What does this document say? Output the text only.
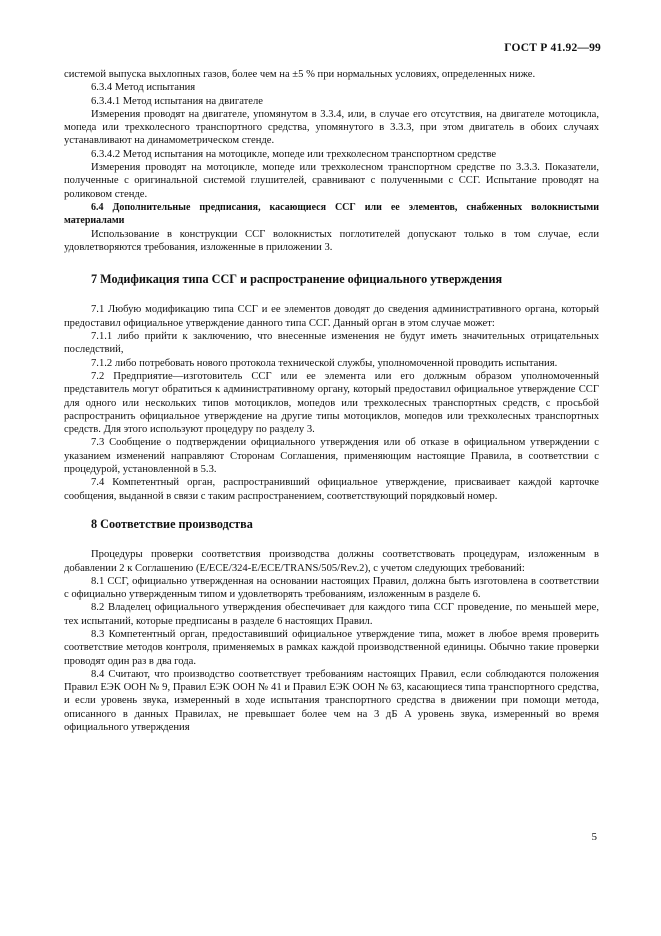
ГОСТ Р 41.92—99

системой выпуска выхлопных газов, более чем на ±5 % при нормальных условиях, определенных ниже.

6.3.4 Метод испытания

6.3.4.1 Метод испытания на двигателе

Измерения проводят на двигателе, упомянутом в 3.3.4, или, в случае его отсутствия, на двигателе мотоцикла, мопеда или трехколесного транспортного средства, упомянутого в 3.3.3, при этом двигатель в обоих случаях устанавливают на динамометрическом стенде.

6.3.4.2 Метод испытания на мотоцикле, мопеде или трехколесном транспортном средстве

Измерения проводят на мотоцикле, мопеде или трехколесном транспортном средстве по 3.3.3. Показатели, полученные с оригинальной системой глушителей, сравнивают с полученными с ССГ. Испытание проводят на роликовом стенде.

6.4 Дополнительные предписания, касающиеся ССГ или ее элементов, снабженных волокнистыми материалами

Использование в конструкции ССГ волокнистых поглотителей допускают только в том случае, если удовлетворяются требования, изложенные в приложении 3.

7 Модификация типа ССГ и распространение официального утверждения

7.1 Любую модификацию типа ССГ и ее элементов доводят до сведения административного органа, который предоставил официальное утверждение данного типа ССГ. Данный орган в этом случае может:

7.1.1 либо прийти к заключению, что внесенные изменения не будут иметь значительных отрицательных последствий,

7.1.2 либо потребовать нового протокола технической службы, уполномоченной проводить испытания.

7.2 Предприятие—изготовитель ССГ или ее элемента или его должным образом уполномоченный представитель могут обратиться к административному органу, который предоставил официальное утверждение ССГ для одного или нескольких типов мотоциклов, мопедов или трехколесных транспортных средств, с просьбой распространить официальное утверждение на другие типы мотоциклов, мопедов или трехколесных транспортных средств. Для этого используют процедуру по разделу 3.

7.3 Сообщение о подтверждении официального утверждения или об отказе в официальном утверждении с указанием изменений направляют Сторонам Соглашения, применяющим настоящие Правила, в соответствии с процедурой, установленной в 5.3.

7.4 Компетентный орган, распространивший официальное утверждение, присваивает каждой карточке сообщения, выданной в связи с таким распространением, соответствующий порядковый номер.

8 Соответствие производства

Процедуры проверки соответствия производства должны соответствовать процедурам, изложенным в добавлении 2 к Соглашению (E/ECE/324-E/ECE/TRANS/505/Rev.2), с учетом следующих требований:

8.1 ССГ, официально утвержденная на основании настоящих Правил, должна быть изготовлена в соответствии с официально утвержденным типом и удовлетворять требованиям, изложенным в разделе 6.

8.2 Владелец официального утверждения обеспечивает для каждого типа ССГ проведение, по меньшей мере, тех испытаний, которые предписаны в разделе 6 настоящих Правил.

8.3 Компетентный орган, предоставивший официальное утверждение типа, может в любое время проверить соответствие методов контроля, применяемых в рамках каждой производственной единицы. Обычно такие проверки проводят один раз в два года.

8.4 Считают, что производство соответствует требованиям настоящих Правил, если соблюдаются положения Правил ЕЭК ООН № 9, Правил ЕЭК ООН № 41 и Правил ЕЭК ООН № 63, касающиеся типа транспортного средства, и если уровень звука, измеренный в ходе испытания транспортного средства в движении при помощи метода, описанного в данных Правилах, не превышает более чем на 3 дБ A уровень звука, измеренный во время официального утверждения

5
